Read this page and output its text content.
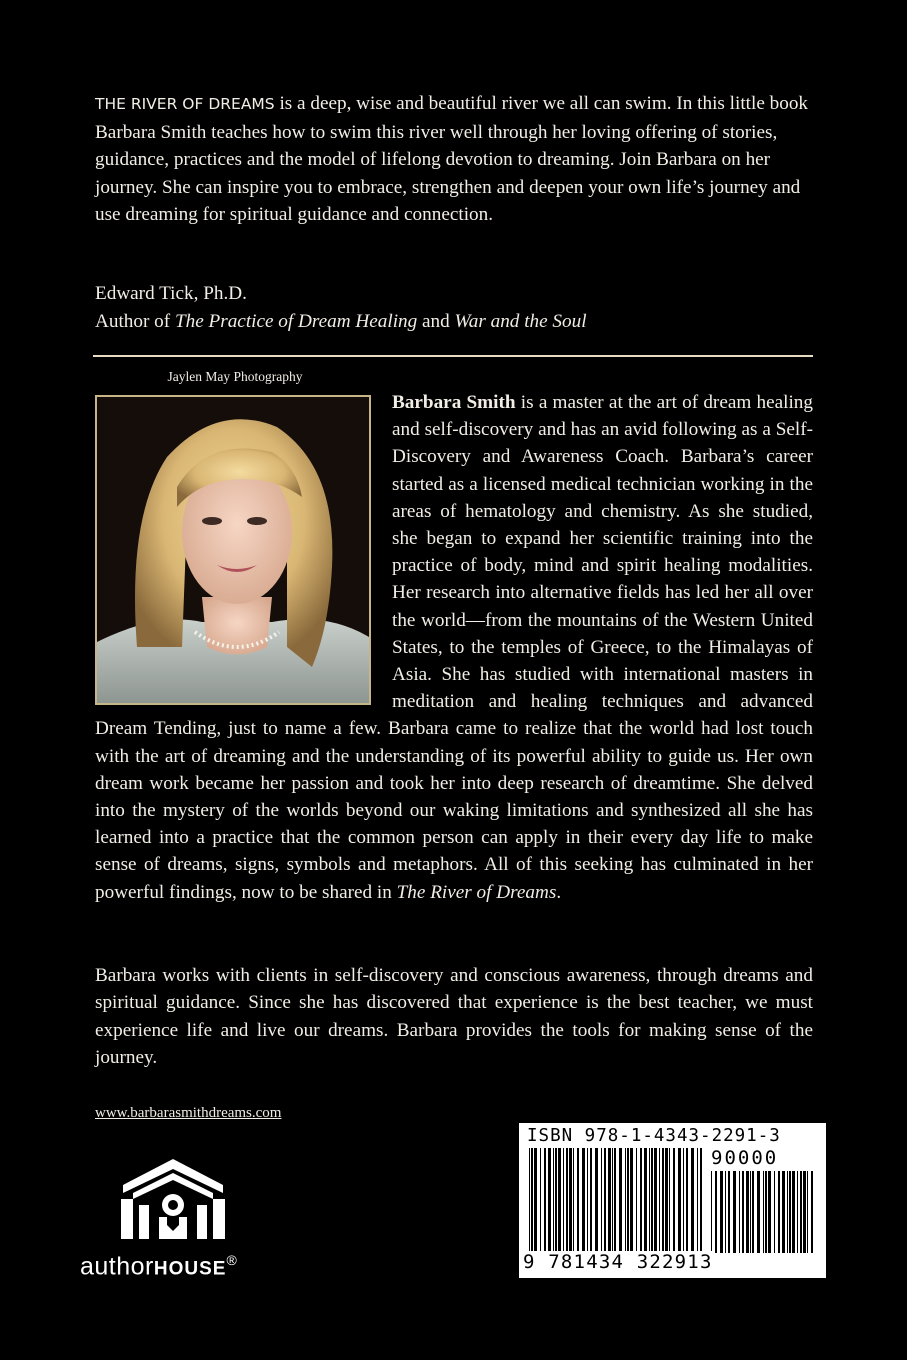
THE RIVER OF DREAMS is a deep, wise and beautiful river we all can swim. In this little book Barbara Smith teaches how to swim this river well through her loving offering of stories, guidance, practices and the model of lifelong devotion to dreaming. Join Barbara on her journey. She can inspire you to embrace, strengthen and deepen your own life’s journey and use dreaming for spiritual guidance and connection.
Edward Tick, Ph.D.
Author of The Practice of Dream Healing and War and the Soul
Jaylen May Photography
Barbara Smith is a master at the art of dream healing and self-discovery and has an avid following as a Self-Discovery and Awareness Coach. Barbara’s career started as a licensed medical technician working in the areas of hematology and chemistry. As she studied, she began to expand her scientific training into the practice of body, mind and spirit healing modalities. Her research into alternative fields has led her all over the world—from the mountains of the Western United States, to the temples of Greece, to the Himalayas of Asia. She has studied with international masters in meditation and healing techniques and advanced Dream Tending, just to name a few. Barbara came to realize that the world had lost touch with the art of dreaming and the understanding of its powerful ability to guide us. Her own dream work became her passion and took her into deep research of dreamtime. She delved into the mystery of the worlds beyond our waking limitations and synthesized all she has learned into a practice that the common person can apply in their every day life to make sense of dreams, signs, symbols and metaphors. All of this seeking has culminated in her powerful findings, now to be shared in The River of Dreams.
Barbara works with clients in self-discovery and conscious awareness, through dreams and spiritual guidance. Since she has discovered that experience is the best teacher, we must experience life and live our dreams. Barbara provides the tools for making sense of the journey.
www.barbarasmithdreams.com
authorHOUSE®
ISBN 978-1-4343-2291-3
90000
9 781434 322913
